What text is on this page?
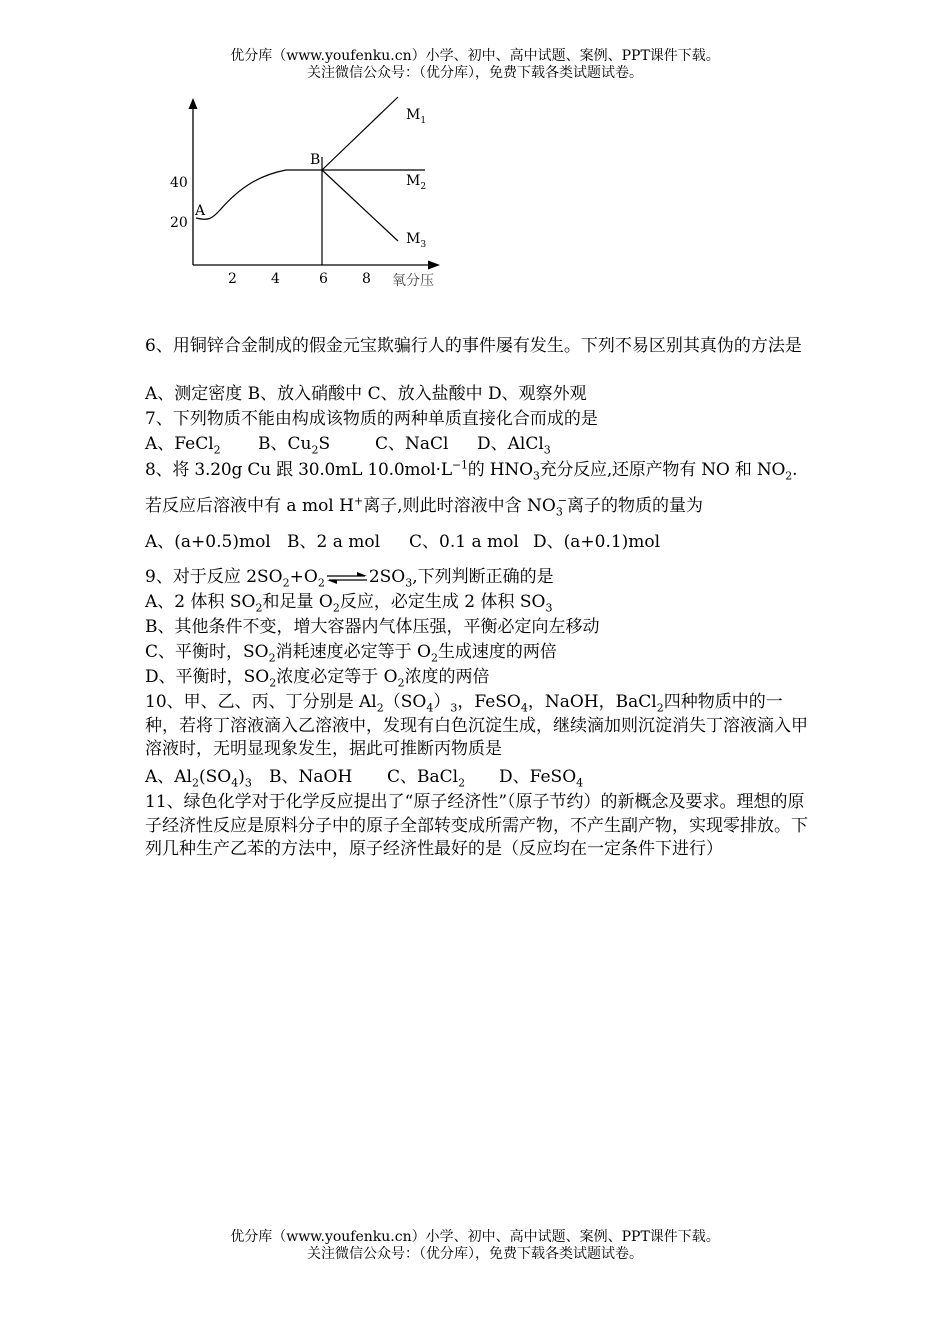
优分库（www.youfenku.cn）小学、初中、高中试题、案例、PPT课件下载。
关注微信公众号：（优分库），免费下载各类试题试卷。
40
20
A
B
2 4	6 8 氧分压
$M_1$
$M_2$
$M_3$
6、用铜锌合金制成的假金元宝欺骗行人的事件屡有发生。下列不易区别其真伪的方法是
A、测定密度 B、放入硝酸中 C、放入盐酸中 D、观察外观
7、下列物质不能由构成该物质的两种单质直接化合而成的是
A、FeCl$_2$ B、$Cu_2S$	C、NaCl D、AlCl$_3$
8、将 3.20g Cu 跟 30.0mL $10.0mol\cdot L^{-1}$的 $HNO_3$充分反应,还原产物有 NO 和 $NO_2$.
若反应后溶液中有 a mol H+离子,则此时溶液中含 $NO_3^-$离子的物质的量为
A、(a+0.5)mol B、2 a mol C、0.1 a mol D、(a+0.1)mol
9、对于反应 $2SO_2+O_2\rightleftharpoons 2SO_3$,下列判断正确的是
A、2 体积 $SO_2$和足量 $O_2$反应，必定生成 2 体积 $SO_3$
B、其他条件不变，增大容器内气体压强，平衡必定向左移动
C、平衡时，$SO_2$消耗速度必定等于 $O_2$生成速度的两倍
D、平衡时，$SO_2$浓度必定等于 $O_2$浓度的两倍
10、甲、乙、丙、丁分别是 $Al_2(SO_4)_3$，FeSO$_4$，NaOH，BaCl$_2$四种物质中的一种，若将丁溶液滴入乙溶液中，发现有白色沉淀生成，继续滴加则沉淀消失丁溶液滴入甲溶液时，无明显现象发生，据此可推断丙物质是
A、$Al_2(SO_4)_3$ B、NaOH C、BaCl$_2$ D、FeSO$_4$
11、绿色化学对于化学反应提出了“原子经济性”（原子节约）的新概念及要求。理想的原子经济性反应是原料分子中的原子全部转变成所需产物，不产生副产物，实现零排放。下列几种生产乙苯的方法中，原子经济性最好的是（反应均在一定条件下进行）
优分库（www.youfenku.cn）小学、初中、高中试题、案例、PPT课件下载。
关注微信公众号：（优分库），免费下载各类试题试卷。
